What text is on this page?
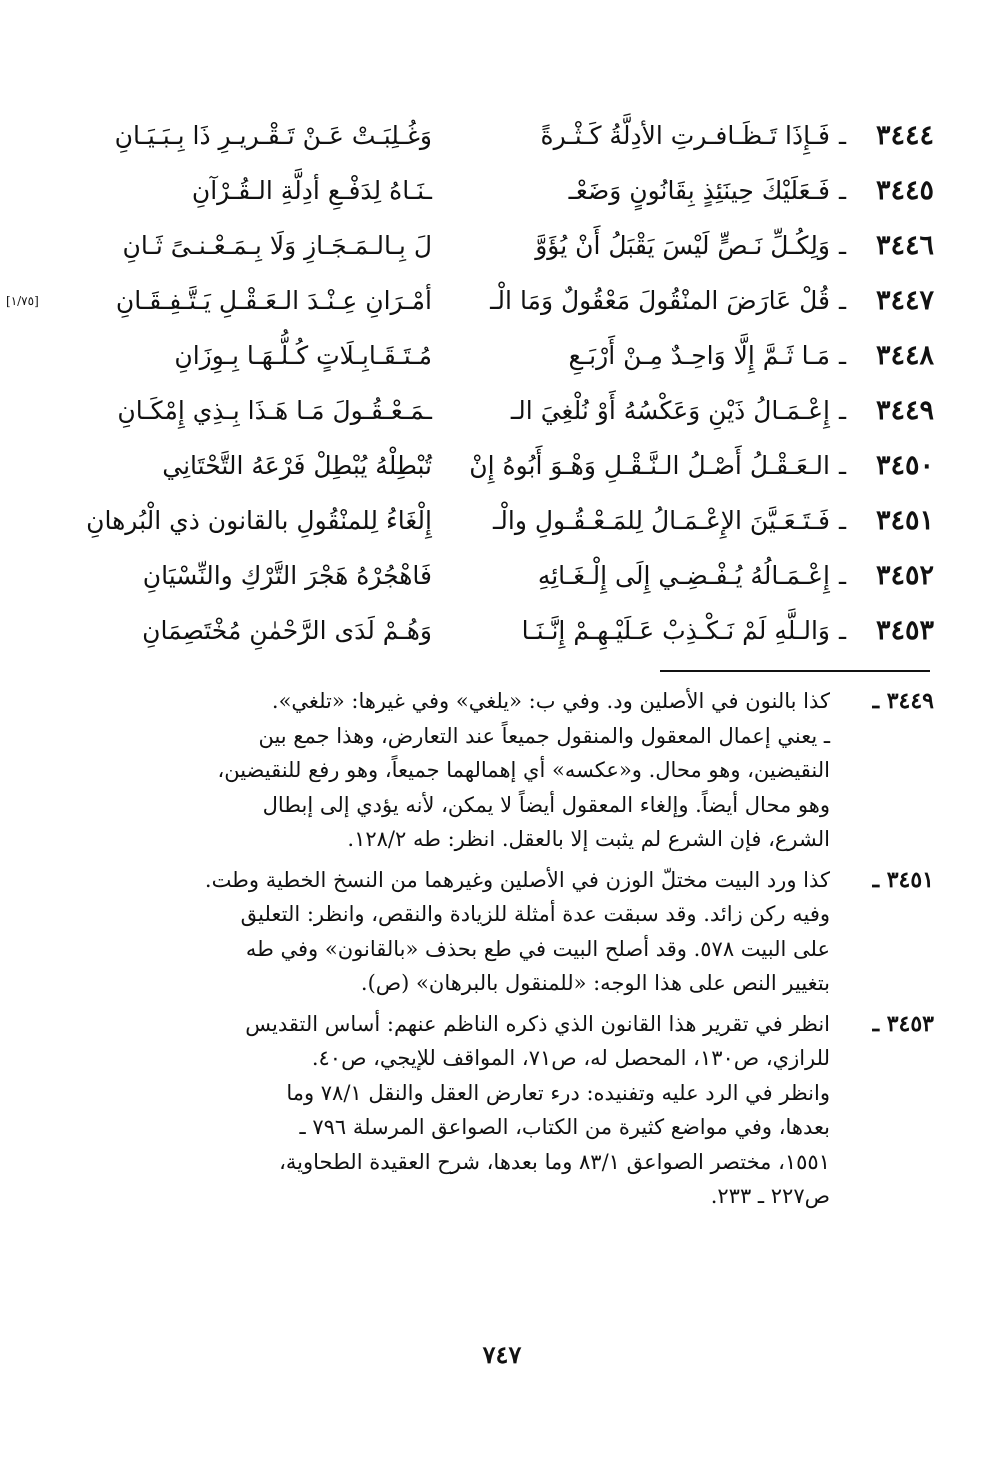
٣٤٤٤
ـ
فَـإِذَا تَـظَـافـرتِ الأدِلَّةُ كَـثْـرةً
وَغُـلِبَـتْ عَـنْ تَـقْـريـرِ ذَا بِـبَـيَـانِ
٣٤٤٥
ـ
فَـعَلَيْكَ حِينَئِذٍ بِقَانُونٍ وَضَعْـ
ـنَـاهُ لِدَفْـعِ أدِلَّةِ الـقُـرْآنِ
٣٤٤٦
ـ
وَلِكُـلِّ نَـصٍّ لَيْسَ يَقْبَلُ أَنْ يُؤَوَّ
لَ بِـالـمَـجَـازِ وَلَا بِـمَـعْـنـىً ثَـانِ
٣٤٤٧
ـ
قُلْ عَارَضَ المنْقُولَ مَعْقُولٌ وَمَا الْـ
أمْـرَانِ عِـنْـدَ الـعَـقْـلِ يَـتَّـفِـقَـانِ
[١/٧٥]
٣٤٤٨
ـ
مَـا ثَـمَّ إِلَّا وَاحِـدٌ مِـنْ أَرْبَـعِ
مُـتَـقَـابِـلَاتٍ كُـلُّـهَـا بِـوِزَانِ
٣٤٤٩
ـ
إِعْـمَـالُ ذَيْنِ وَعَكْسُهُ أَوْ نُلْغِيَ الـ
ـمَـعْـقُـولَ مَـا هَـذَا بِـذِي إِمْكَـانِ
٣٤٥٠
ـ
الـعَـقْـلُ أَصْـلُ الـنَّـقْـلِ وَهْـوَ أَبُوهُ إِنْ
تُبْطِلْهُ يُبْطِلْ فَرْعَهُ التَّحْتَانِي
٣٤٥١
ـ
فَـتَـعَـيَّنَ الإِعْـمَـالُ لِلمَـعْـقُـولِ والْـ
إِلْغَاءُ لِلمنْقُولِ بالقانون ذي الْبُرهانِ
٣٤٥٢
ـ
إِعْـمَـالُهُ يُـفْـضِـي إِلَى إِلْـغَـائِهِ
فَاهْجُرْهُ هَجْرَ التَّرْكِ والنِّسْيَانِ
٣٤٥٣
ـ
وَالـلَّهِ لَمْ نَـكْـذِبْ عَـلَيْـهِـمْ إِنَّـنَـا
وَهُـمْ لَدَى الرَّحْمٰنِ مُخْتَصِمَانِ
٣٤٤٩ ـ
كذا بالنون في الأصلين ود. وفي ب: «يلغي» وفي غيرها: «تلغي».
ـ يعني إعمال المعقول والمنقول جميعاً عند التعارض، وهذا جمع بين
النقيضين، وهو محال. و«عكسه» أي إهمالهما جميعاً، وهو رفع للنقيضين،
وهو محال أيضاً. وإلغاء المعقول أيضاً لا يمكن، لأنه يؤدي إلى إبطال
الشرع، فإن الشرع لم يثبت إلا بالعقل. انظر: طه ١٢٨/٢.
٣٤٥١ ـ
كذا ورد البيت مختلّ الوزن في الأصلين وغيرهما من النسخ الخطية وطت.
وفيه ركن زائد. وقد سبقت عدة أمثلة للزيادة والنقص، وانظر: التعليق
على البيت ٥٧٨. وقد أصلح البيت في طع بحذف «بالقانون» وفي طه
بتغيير النص على هذا الوجه: «للمنقول بالبرهان» (ص).
٣٤٥٣ ـ
انظر في تقرير هذا القانون الذي ذكره الناظم عنهم: أساس التقديس
للرازي، ص١٣٠، المحصل له، ص٧١، المواقف للإيجي، ص٤٠.
وانظر في الرد عليه وتفنيده: درء تعارض العقل والنقل ٧٨/١ وما
بعدها، وفي مواضع كثيرة من الكتاب، الصواعق المرسلة ٧٩٦ ـ
١٥٥١، مختصر الصواعق ٨٣/١ وما بعدها، شرح العقيدة الطحاوية،
ص٢٢٧ ـ ٢٣٣.
٧٤٧
